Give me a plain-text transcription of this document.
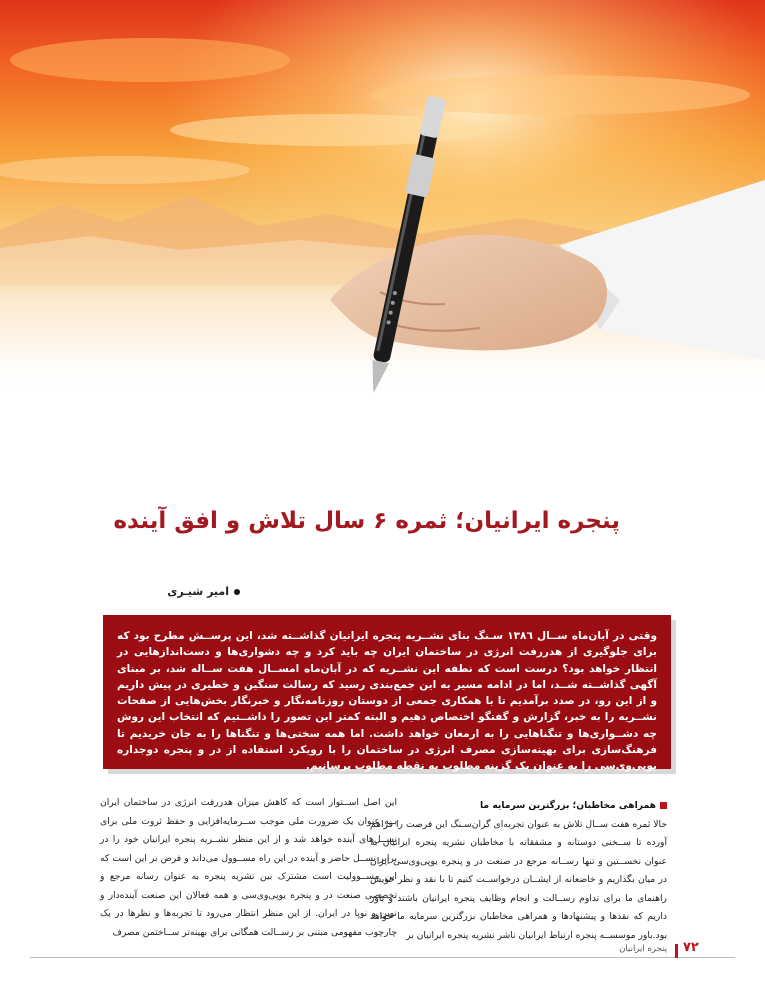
پنجره ایرانیان؛ ثمره ۶ سال تلاش و افق آینده
امیر شیـری
وقتی در آبان‌ماه ســال ۱۳۸٦ سـنگ بنای نشــریه پنجره ایرانیان گذاشــته شد، این پرســش مطرح بود که برای جلوگیری از هدررفت انرژی در ساختمان ایران چه باید کرد و چه دشواری‌ها و دست‌اندازهایی در انتظار خواهد بود؟ درست است که نطفه این نشــریه که در آبان‌ماه امســال هفت ســاله شد، بر مبنای آگهی گذاشــته شــد، اما در ادامه مسیر به این جمع‌بندی رسید که رسالت سنگین و خطیری در پیش داریم و از این رو، در صدد برآمدیم تا با همکاری جمعی از دوستان روزنامه‌نگار و خبرنگار بخش‌هایی از صفحات نشــریه را به خبر، گزارش و گفتگو اختصاص دهیم و البته کمتر این تصور را داشــتیم که انتخاب این روش چه دشــواری‌ها و تنگناهایی را به ارمغان خواهد داشت. اما همه سختی‌ها و تنگناها را به جان خریدیم تا فرهنگ‌سازی برای بهینه‌سازی مصرف انرژی در ساختمان را با رویکرد استفاده از در و پنجره دوجداره یوپی‌وی‌سی را به عنوان یک گزینه مطلوب به نقطه مطلوب برسانیم.
همراهی مخاطبان؛ بزرگترین سرمایه ما
حالا ثمره هفت ســال تلاش به عنوان تجربه‌ای گران‌سـنگ این فرصت را فراهم آورده تا ســخنی دوستانه و مشفقانه با مخاطبان نشریه پنجره ایرانیان به عنوان نخســتین و تنها رســانه مرجع در صنعت در و پنجره یوپی‌وی‌سی ایران در میان بگذاریم و خاضعانه از ایشــان درخواســت کنیم تا با نقد و نظر خویش راهنمای ما برای تداوم رســالت و انجام وظایف پنجره ایرانیان باشند و باور داریم که نقدها و پیشنهادها و همراهی مخاطبان بزرگترین سرمایه ما خواهد بود.باور موسســه پنجره ارتباط ایرانیان ناشر نشریه پنجره ایرانیان بر
این اصل اســتوار است که کاهش میزان هدررفت انرژی در ساختمان ایران بــه عنوان یک ضرورت ملی موجب ســرمایه‌افزایی و حفظ ثروت ملی برای نســل‌های آینده خواهد شد و از این منظر نشــریه پنجره ایرانیان خود را در برابر نســل حاضر و آینده در این راه مســوول می‌داند و فرض بر این است که این مســوولیت است مشترک بین نشریه پنجره به عنوان رسانه مرجع و تخصصی صنعت در و پنجره یوپی‌وی‌سی و همه فعالان این صنعت آینده‌دار و نوین و نوپا در ایران. از این منظر انتظار می‌رود تا تجربه‌ها و نظرها در یک چارچوب مفهومی مبتنی بر رســالت همگانی برای بهینه‌تر ســاختمن مصرف
۷۲
پنجره ایرانیان
